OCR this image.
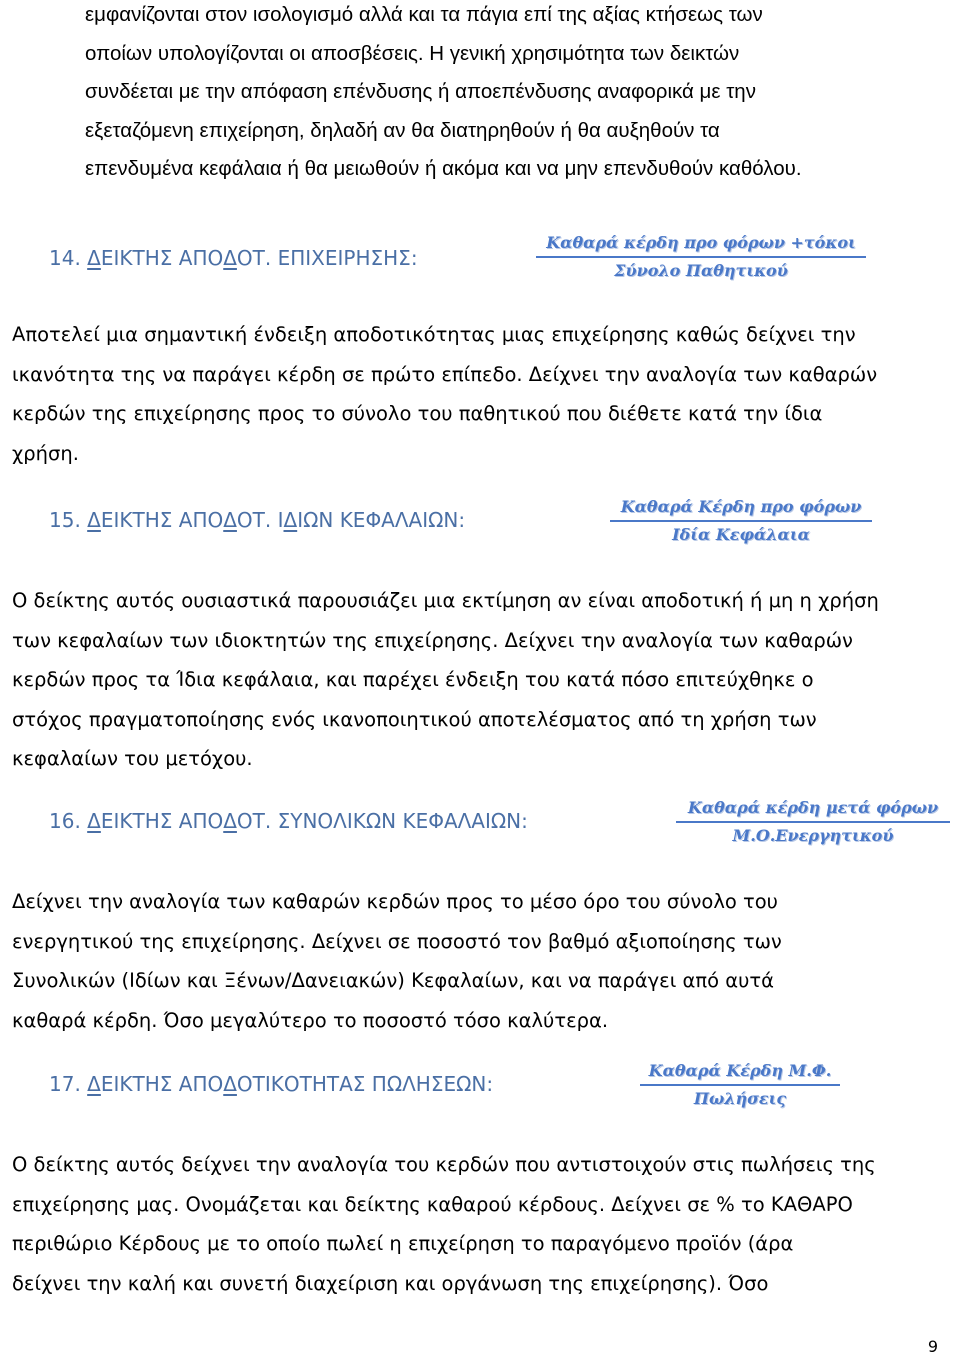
εμφανίζονται στον ισολογισμό αλλά και τα πάγια επί της αξίας κτήσεως των
οποίων υπολογίζονται οι αποσβέσεις. Η γενική χρησιμότητα των δεικτών
συνδέεται με την απόφαση επένδυσης ή αποεπένδυσης αναφορικά με την
εξεταζόμενη επιχείρηση, δηλαδή αν θα διατηρηθούν ή θα αυξηθούν τα
επενδυμένα κεφάλαια ή θα μειωθούν ή ακόμα και να μην επενδυθούν καθόλου.
14. ΔΕΙΚΤΗΣ ΑΠΟΔΟΤ. ΕΠΙΧΕΙΡΗΣΗΣ:
Καθαρά κέρδη προ φόρων +τόκοι
Σύνολο Παθητικού
Αποτελεί μια σημαντική ένδειξη αποδοτικότητας μιας επιχείρησης καθώς δείχνει την
ικανότητα της να παράγει κέρδη σε πρώτο επίπεδο. Δείχνει την αναλογία των καθαρών
κερδών της επιχείρησης προς το σύνολο του παθητικού που διέθετε κατά την ίδια
χρήση.
15. ΔΕΙΚΤΗΣ ΑΠΟΔΟΤ. ΙΔΙΩΝ ΚΕΦΑΛΑΙΩΝ:
Καθαρά Κέρδη προ φόρων
Ιδία Κεφάλαια
Ο δείκτης αυτός ουσιαστικά παρουσιάζει μια εκτίμηση αν είναι αποδοτική ή μη η χρήση
των κεφαλαίων των ιδιοκτητών της επιχείρησης. Δείχνει την αναλογία των καθαρών
κερδών προς τα Ίδια κεφάλαια, και παρέχει ένδειξη του κατά πόσο επιτεύχθηκε ο
στόχος πραγματοποίησης ενός ικανοποιητικού αποτελέσματος από τη χρήση των
κεφαλαίων του μετόχου.
16. ΔΕΙΚΤΗΣ ΑΠΟΔΟΤ. ΣΥΝΟΛΙΚΩΝ ΚΕΦΑΛΑΙΩΝ:
Καθαρά κέρδη μετά φόρων
Μ.Ο.Ενεργητικού
Δείχνει την αναλογία των καθαρών κερδών προς το μέσο όρο του σύνολο του
ενεργητικού της επιχείρησης. Δείχνει σε ποσοστό τον βαθμό αξιοποίησης των
Συνολικών (Ιδίων και Ξένων/Δανειακών) Κεφαλαίων, και να παράγει από αυτά
καθαρά κέρδη. Όσο μεγαλύτερο το ποσοστό τόσο καλύτερα.
17. ΔΕΙΚΤΗΣ ΑΠΟΔΟΤΙΚΟΤΗΤΑΣ ΠΩΛΗΣΕΩΝ:
Καθαρά Κέρδη Μ.Φ.
Πωλήσεις
Ο δείκτης αυτός δείχνει την αναλογία του κερδών που αντιστοιχούν στις πωλήσεις της
επιχείρησης μας. Ονομάζεται και δείκτης καθαρού κέρδους. Δείχνει σε % το ΚΑΘΑΡΟ
περιθώριο Κέρδους με το οποίο πωλεί η επιχείρηση το παραγόμενο προϊόν (άρα
δείχνει την καλή και συνετή διαχείριση και οργάνωση της επιχείρησης). Όσο
9
